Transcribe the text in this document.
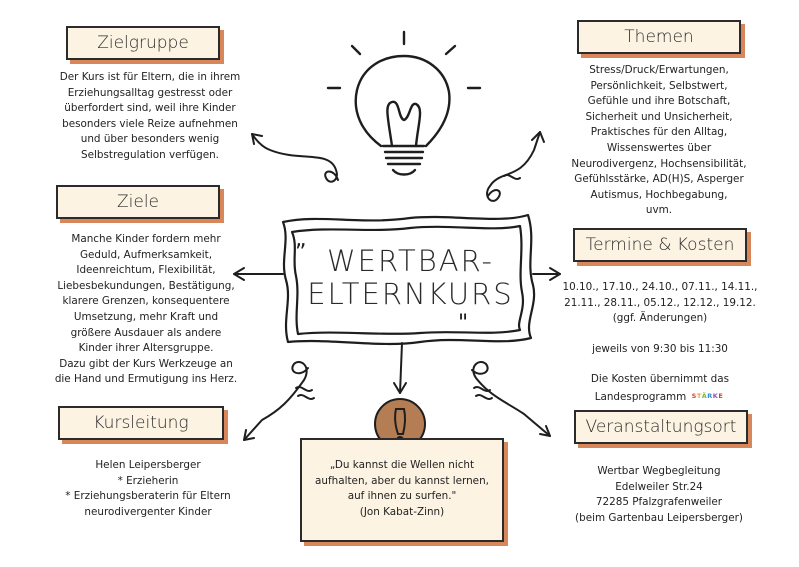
„
"
WERTBAR-
ELTERNKURS
Zielgruppe

Der Kurs ist für Eltern, die in ihrem

Erziehungsalltag gestresst oder

überfordert sind, weil ihre Kinder

besonders viele Reize aufnehmen

und über besonders wenig

Selbstregulation verfügen.

Ziele

Manche Kinder fordern mehr

Geduld, Aufmerksamkeit,

Ideenreichtum, Flexibilität,

Liebesbekundungen, Bestätigung,

klarere Grenzen, konsequentere

Umsetzung, mehr Kraft und

größere Ausdauer als andere

Kinder ihrer Altersgruppe.

Dazu gibt der Kurs Werkzeuge an

die Hand und Ermutigung ins Herz.

Kursleitung

Helen Leipersberger

* Erzieherin

* Erziehungsberaterin für Eltern

neurodivergenter Kinder

Themen

Stress/Druck/Erwartungen,

Persönlichkeit, Selbstwert,

Gefühle und ihre Botschaft,

Sicherheit und Unsicherheit,

Praktisches für den Alltag,

Wissenswertes über

Neurodivergenz, Hochsensibilität,

Gefühlsstärke, AD(H)S, Asperger

Autismus, Hochbegabung,

uvm.

Termine & Kosten

10.10., 17.10., 24.10., 07.11., 14.11.,

21.11., 28.11., 05.12., 12.12., 19.12.

(ggf. Änderungen)

jeweils von 9:30 bis 11:30

Die Kosten übernimmt das

Landesprogramm STÄRKE

Veranstaltungsort

Wertbar Wegbegleitung

Edelweiler Str.24

72285 Pfalzgrafenweiler

(beim Gartenbau Leipersberger)

„Du kannst die Wellen nicht

aufhalten, aber du kannst lernen,

auf ihnen zu surfen."

(Jon Kabat-Zinn)
